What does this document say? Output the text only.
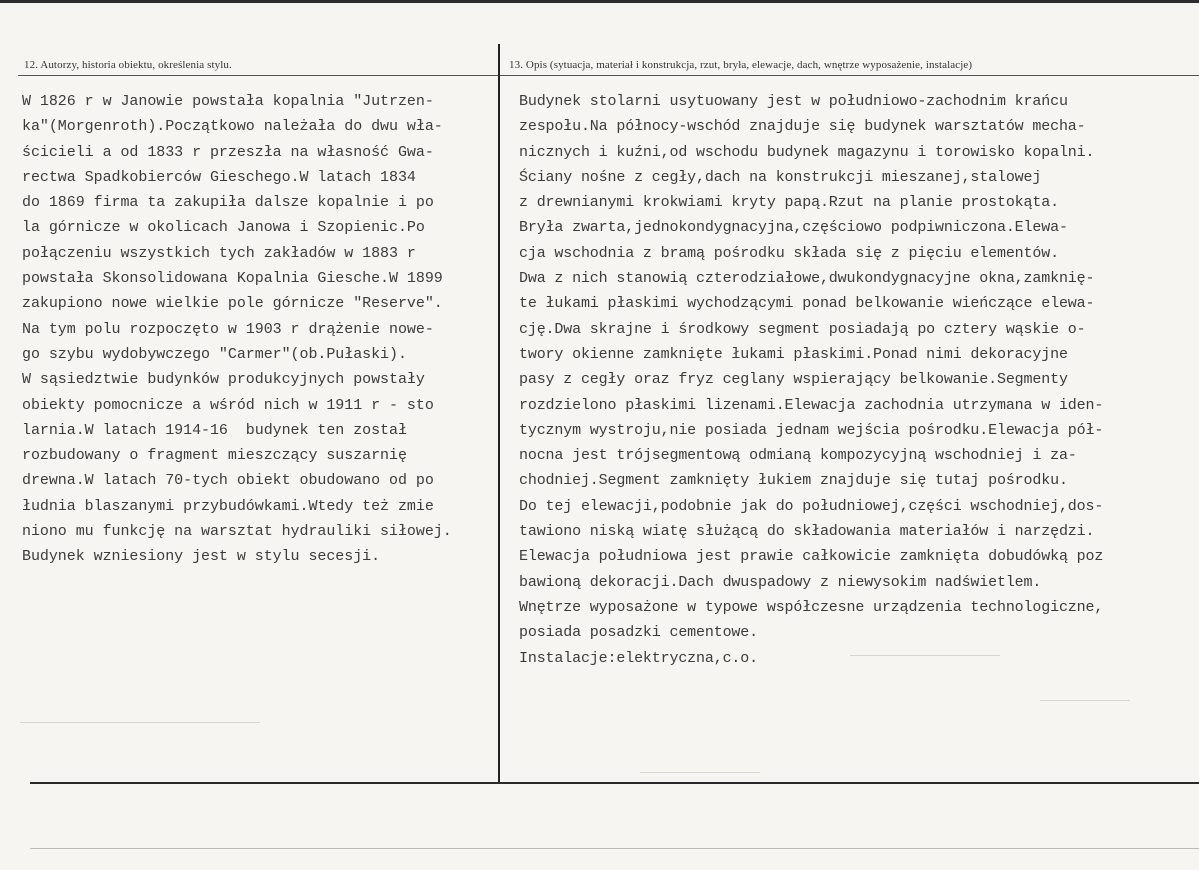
12. Autorzy, historia obiektu, określenia stylu.	13. Opis (sytuacja, materiał i konstrukcja, rzut, bryła, elewacje, dach, wnętrze wyposażenie, instalacje)
W 1826 r w Janowie powstała kopalnia "Jutrzen-
ka"(Morgenroth).Początkowo należała do dwu wła-
ścicieli a od 1833 r przeszła na własność Gwa-
rectwa Spadkobierców Gieschego.W latach 1834
do 1869 firma ta zakupiła dalsze kopalnie i po
la górnicze w okolicach Janowa i Szopienic.Po
połączeniu wszystkich tych zakładów w 1883 r
powstała Skonsolidowana Kopalnia Giesche.W 1899
zakupiono nowe wielkie pole górnicze "Reserve".
Na tym polu rozpoczęto w 1903 r drążenie nowe-
go szybu wydobywczego "Carmer"(ob.Pułaski).
W sąsiedztwie budynków produkcyjnych powstały
obiekty pomocnicze a wśród nich w 1911 r - sto
larnia.W latach 1914-16  budynek ten został
rozbudowany o fragment mieszczący suszarnię
drewna.W latach 70-tych obiekt obudowano od po
łudnia blaszanymi przybudówkami.Wtedy też zmie
niono mu funkcję na warsztat hydrauliki siłowej.
Budynek wzniesiony jest w stylu secesji.
Budynek stolarni usytuowany jest w południowo-zachodnim krańcu
zespołu.Na północy-wschód znajduje się budynek warsztatów mecha-
nicznych i kuźni,od wschodu budynek magazynu i torowisko kopalni.
Ściany nośne z cegły,dach na konstrukcji mieszanej,stalowej
z drewnianymi krokwiami kryty papą.Rzut na planie prostokąta.
Bryła zwarta,jednokondygnacyjna,częściowo podpiwniczona.Elewa-
cja wschodnia z bramą pośrodku składa się z pięciu elementów.
Dwa z nich stanowią czterodziałowe,dwukondygnacyjne okna,zamknię-
te łukami płaskimi wychodzącymi ponad belkowanie wieńczące elewa-
cję.Dwa skrajne i środkowy segment posiadają po cztery wąskie o-
twory okienne zamknięte łukami płaskimi.Ponad nimi dekoracyjne
pasy z cegły oraz fryz ceglany wspierający belkowanie.Segmenty
rozdzielono płaskimi lizenami.Elewacja zachodnia utrzymana w iden-
tycznym wystroju,nie posiada jednam wejścia pośrodku.Elewacja pół-
nocna jest trójsegmentową odmianą kompozycyjną wschodniej i za-
chodniej.Segment zamknięty łukiem znajduje się tutaj pośrodku.
Do tej elewacji,podobnie jak do południowej,części wschodniej,dos-
tawiono niską wiatę służącą do składowania materiałów i narzędzi.
Elewacja południowa jest prawie całkowicie zamknięta dobudówką poz
bawioną dekoracji.Dach dwuspadowy z niewysokim nadświetlem.
Wnętrze wyposażone w typowe współczesne urządzenia technologiczne,
posiada posadzki cementowe.
Instalacje:elektryczna,c.o.
